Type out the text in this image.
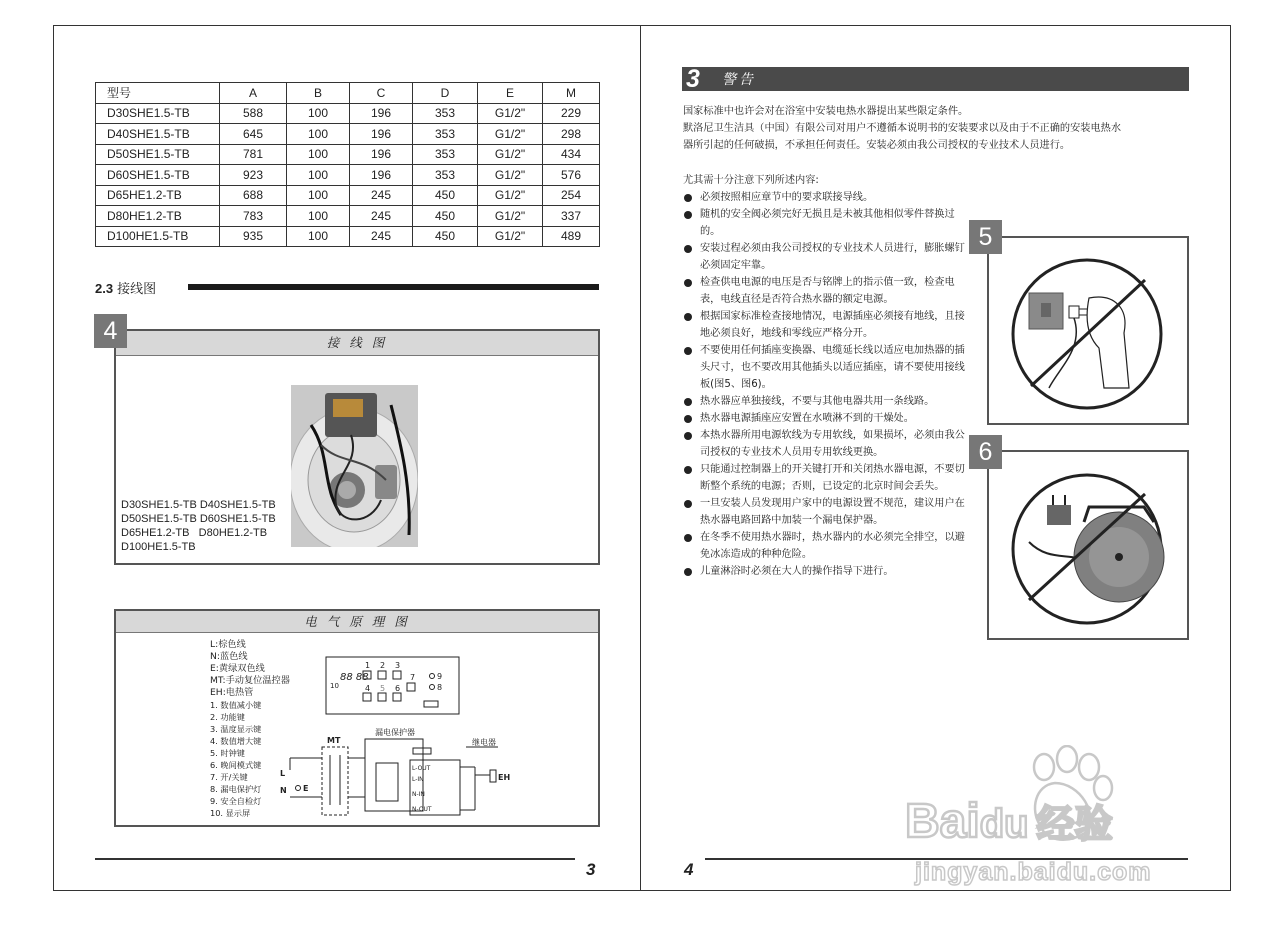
型号	A	B	C	D	E	M
D30SHE1.5-TB	588	100	196	353	G1/2"	229
D40SHE1.5-TB	645	100	196	353	G1/2"	298
D50SHE1.5-TB	781	100	196	353	G1/2"	434
D60SHE1.5-TB	923	100	196	353	G1/2"	576
D65HE1.2-TB	688	100	245	450	G1/2"	254
D80HE1.2-TB	783	100	245	450	G1/2"	337
D100HE1.5-TB	935	100	245	450	G1/2"	489
2.3 接线图
接 线 图
4
D30SHE1.5-TB D40SHE1.5-TB
D50SHE1.5-TB D60SHE1.5-TB
D65HE1.2-TB   D80HE1.2-TB
D100HE1.5-TB
电 气 原 理 图
L:棕色线
N:蓝色线
E:黄绿双色线
MT:手动复位温控器
EH:电热管
1. 数值减小键
2. 功能键
3. 温度显示键
4. 数值增大键
5. 时钟键
6. 晚间模式键
7. 开/关键
8. 漏电保护灯
9. 安全自检灯
10. 显示屏
10
88 88
1 2 3
4 5 6
7	9
8
漏电保护器
继电器
L-OUT
L-IN
N-IN
N-OUT
MT
L
N E
EH
3
3 警告
国家标准中也许会对在浴室中安装电热水器提出某些限定条件。
默洛尼卫生洁具（中国）有限公司对用户不遵循本说明书的安装要求以及由于不正确的安装电热水
器所引起的任何破损，不承担任何责任。安装必须由我公司授权的专业技术人员进行。
尤其需十分注意下列所述内容:
必须按照相应章节中的要求联接导线。
随机的安全阀必须完好无损且是未被其他相似零件替换过的。
安装过程必须由我公司授权的专业技术人员进行，膨胀螺钉必须固定牢靠。
检查供电电源的电压是否与铭牌上的指示值一致，检查电表，电线直径是否符合热水器的额定电源。
根据国家标准检查接地情况，电源插座必须接有地线，且接地必须良好，地线和零线应严格分开。
不要使用任何插座变换器、电缆延长线以适应电加热器的插头尺寸，也不要改用其他插头以适应插座，请不要使用接线板(图5、图6)。
热水器应单独接线，不要与其他电器共用一条线路。
热水器电源插座应安置在水喷淋不到的干燥处。
本热水器所用电源软线为专用软线，如果损坏，必须由我公司授权的专业技术人员用专用软线更换。
只能通过控制器上的开关键打开和关闭热水器电源，不要切断整个系统的电源；否则，已设定的北京时间会丢失。
一旦安装人员发现用户家中的电源设置不规范，建议用户在热水器电路回路中加装一个漏电保护器。
在冬季不使用热水器时，热水器内的水必须完全排空，以避免冰冻造成的种种危险。
儿童淋浴时必须在大人的操作指导下进行。
5
6
4
Baidu 经验
jingyan.baidu.com
